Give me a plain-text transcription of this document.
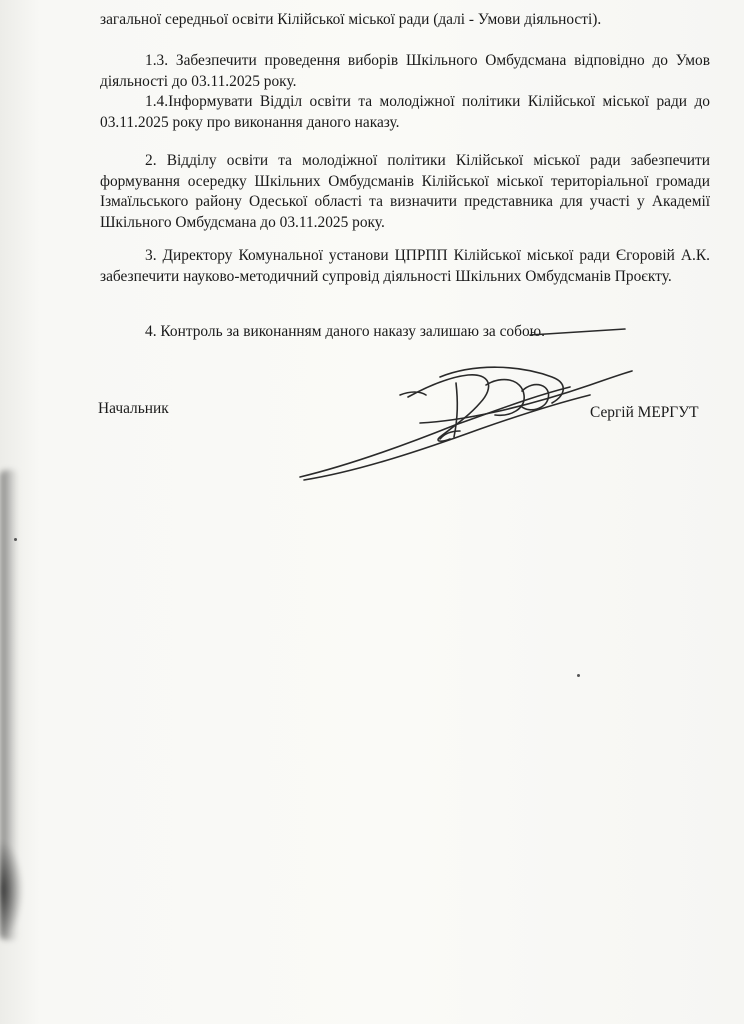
загальної середньої освіти Кілійської міської ради (далі - Умови діяльності).

1.3. Забезпечити проведення виборів Шкільного Омбудсмана відповідно до Умов діяльності до 03.11.2025 року.

1.4.Інформувати Відділ освіти та молодіжної політики Кілійської міської ради до 03.11.2025 року про виконання даного наказу.

2. Відділу освіти та молодіжної політики Кілійської міської ради забезпечити формування осередку Шкільних Омбудсманів Кілійської міської територіальної громади Ізмаїльського району Одеської області та визначити представника для участі у Академії Шкільного Омбудсмана до 03.11.2025 року.

3. Директору Комунальної установи ЦПРПП Кілійської міської ради Єгоровій А.К. забезпечити науково-методичний супровід діяльності Шкільних Омбудсманів Проєкту.

4. Контроль за виконанням даного наказу залишаю за собою.

Начальник	Сергій МЕРГУТ
